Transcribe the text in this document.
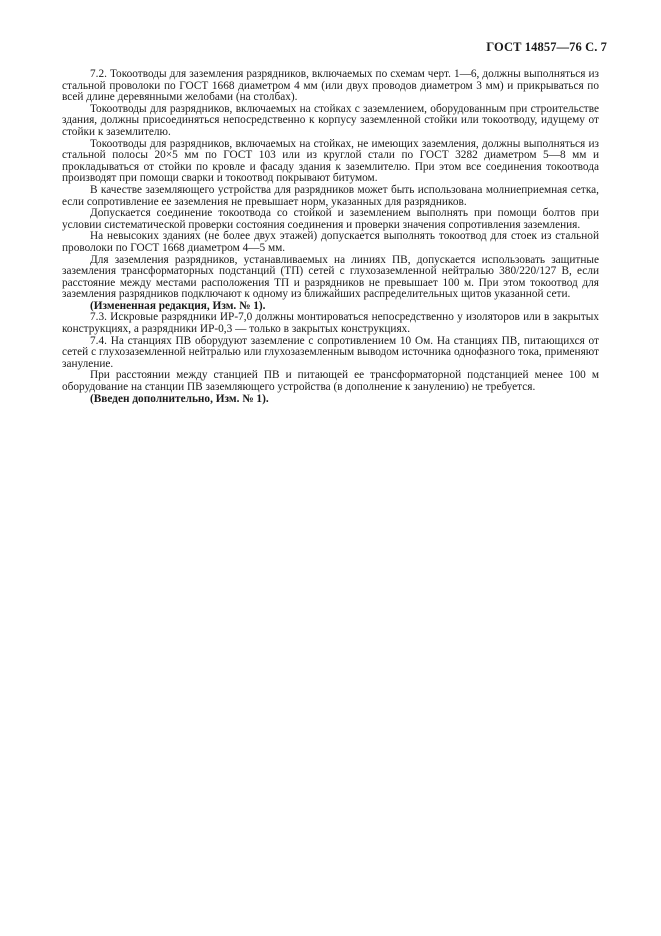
ГОСТ 14857—76 С. 7

7.2. Токоотводы для заземления разрядников, включаемых по схемам черт. 1—6, должны выполняться из стальной проволоки по ГОСТ 1668 диаметром 4 мм (или двух проводов диаметром 3 мм) и прикрываться по всей длине деревянными желобами (на столбах).

Токоотводы для разрядников, включаемых на стойках с заземлением, оборудованным при строительстве здания, должны присоединяться непосредственно к корпусу заземленной стойки или токоотводу, идущему от стойки к заземлителю.

Токоотводы для разрядников, включаемых на стойках, не имеющих заземления, должны выполняться из стальной полосы 20×5 мм по ГОСТ 103 или из круглой стали по ГОСТ 3282 диаметром 5—8 мм и прокладываться от стойки по кровле и фасаду здания к заземлителю. При этом все соединения токоотвода производят при помощи сварки и токоотвод покрывают битумом.

В качестве заземляющего устройства для разрядников может быть использована молниеприемная сетка, если сопротивление ее заземления не превышает норм, указанных для разрядников.

Допускается соединение токоотвода со стойкой и заземлением выполнять при помощи болтов при условии систематической проверки состояния соединения и проверки значения сопротивления заземления.

На невысоких зданиях (не более двух этажей) допускается выполнять токоотвод для стоек из стальной проволоки по ГОСТ 1668 диаметром 4—5 мм.

Для заземления разрядников, устанавливаемых на линиях ПВ, допускается использовать защитные заземления трансформаторных подстанций (ТП) сетей с глухозаземленной нейтралью 380/220/127 В, если расстояние между местами расположения ТП и разрядников не превышает 100 м. При этом токоотвод для заземления разрядников подключают к одному из ближайших распределительных щитов указанной сети.

(Измененная редакция, Изм. № 1).

7.3. Искровые разрядники ИР-7,0 должны монтироваться непосредственно у изоляторов или в закрытых конструкциях, а разрядники ИР-0,3 — только в закрытых конструкциях.

7.4. На станциях ПВ оборудуют заземление с сопротивлением 10 Ом. На станциях ПВ, питающихся от сетей с глухозаземленной нейтралью или глухозаземленным выводом источника однофазного тока, применяют зануление.

При расстоянии между станцией ПВ и питающей ее трансформаторной подстанцией менее 100 м оборудование на станции ПВ заземляющего устройства (в дополнение к занулению) не требуется.

(Введен дополнительно, Изм. № 1).
